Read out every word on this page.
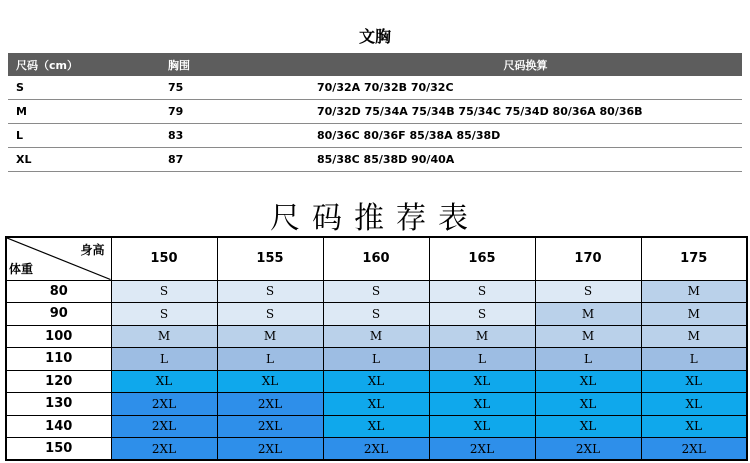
文胸
尺码（cm）	胸围	尺码换算
S	75	70/32A 70/32B 70/32C
M	79	70/32D 75/34A 75/34B 75/34C 75/34D 80/36A 80/36B
L	83	80/36C 80/36F 85/38A 85/38D
XL	87	85/38C 85/38D 90/40A
尺码推荐表
身高
体重	150	155	160	165	170	175
80	S	S	S	S	S	M
90	S	S	S	S	M	M
100	M	M	M	M	M	M
110	L	L	L	L	L	L
120	XL	XL	XL	XL	XL	XL
130	2XL	2XL	XL	XL	XL	XL
140	2XL	2XL	XL	XL	XL	XL
150	2XL	2XL	2XL	2XL	2XL	2XL
